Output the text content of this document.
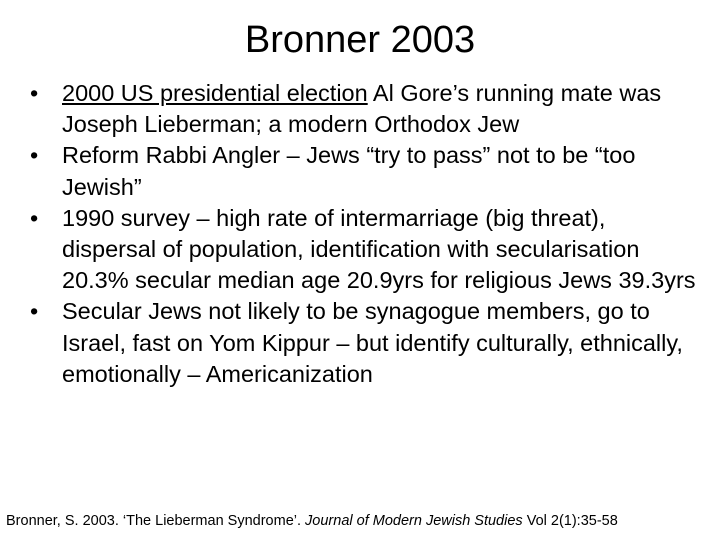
Bronner 2003
•	2000 US presidential election Al Gore’s running mate was Joseph Lieberman; a modern Orthodox Jew
•	Reform Rabbi Angler – Jews “try to pass” not to be “too Jewish”
•	1990 survey – high rate of intermarriage (big threat), dispersal of population, identification with secularisation 20.3% secular median age 20.9yrs for religious Jews 39.3yrs
•	Secular Jews not likely to be synagogue members, go to Israel, fast on Yom Kippur – but identify culturally, ethnically, emotionally – Americanization

Bronner, S. 2003. ‘The Lieberman Syndrome’. Journal of Modern Jewish Studies Vol 2(1):35-58
